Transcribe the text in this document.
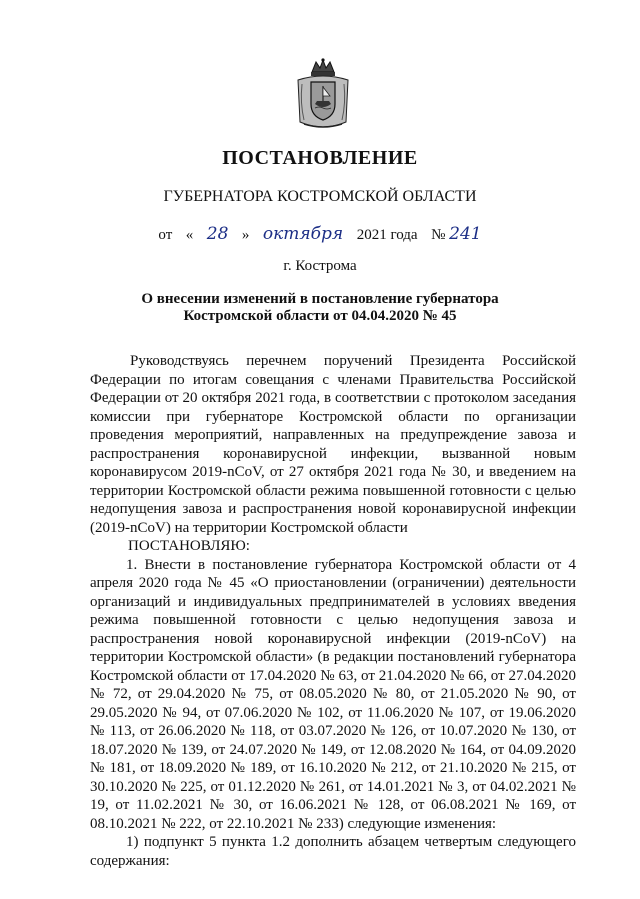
ПОСТАНОВЛЕНИЕ
ГУБЕРНАТОРА КОСТРОМСКОЙ ОБЛАСТИ
от « 28 » октября 2021 года № 241
г. Кострома
О внесении изменений в постановление губернатора
Костромской области от 04.04.2020 № 45

Руководствуясь перечнем поручений Президента Российской Федерации по итогам совещания с членами Правительства Российской Федерации от 20 октября 2021 года, в соответствии с протоколом заседания комиссии при губернаторе Костромской области по организации проведения мероприятий, направленных на предупреждение завоза и распространения коронавирусной инфекции, вызванной новым коронавирусом 2019-nCoV, от 27 октября 2021 года № 30, и введением на территории Костромской области режима повышенной готовности с целью недопущения завоза и распространения новой коронавирусной инфекции (2019-nCoV) на территории Костромской области

ПОСТАНОВЛЯЮ:

1. Внести в постановление губернатора Костромской области от 4 апреля 2020 года № 45 «О приостановлении (ограничении) деятельности организаций и индивидуальных предпринимателей в условиях введения режима повышенной готовности с целью недопущения завоза и распространения новой коронавирусной инфекции (2019-nCoV) на территории Костромской области» (в редакции постановлений губернатора Костромской области от 17.04.2020 № 63, от 21.04.2020 № 66, от 27.04.2020 № 72, от 29.04.2020 № 75, от 08.05.2020 № 80, от 21.05.2020 № 90, от 29.05.2020 № 94, от 07.06.2020 № 102, от 11.06.2020 № 107, от 19.06.2020 № 113, от 26.06.2020 № 118, от 03.07.2020 № 126, от 10.07.2020 № 130, от 18.07.2020 № 139, от 24.07.2020 № 149, от 12.08.2020 № 164, от 04.09.2020 № 181, от 18.09.2020 № 189, от 16.10.2020 № 212, от 21.10.2020 № 215, от 30.10.2020 № 225, от 01.12.2020 № 261, от 14.01.2021 № 3, от 04.02.2021 № 19, от 11.02.2021 № 30, от 16.06.2021 № 128, от 06.08.2021 № 169, от 08.10.2021 № 222, от 22.10.2021 № 233) следующие изменения:

1) подпункт 5 пункта 1.2 дополнить абзацем четвертым следующего содержания:
